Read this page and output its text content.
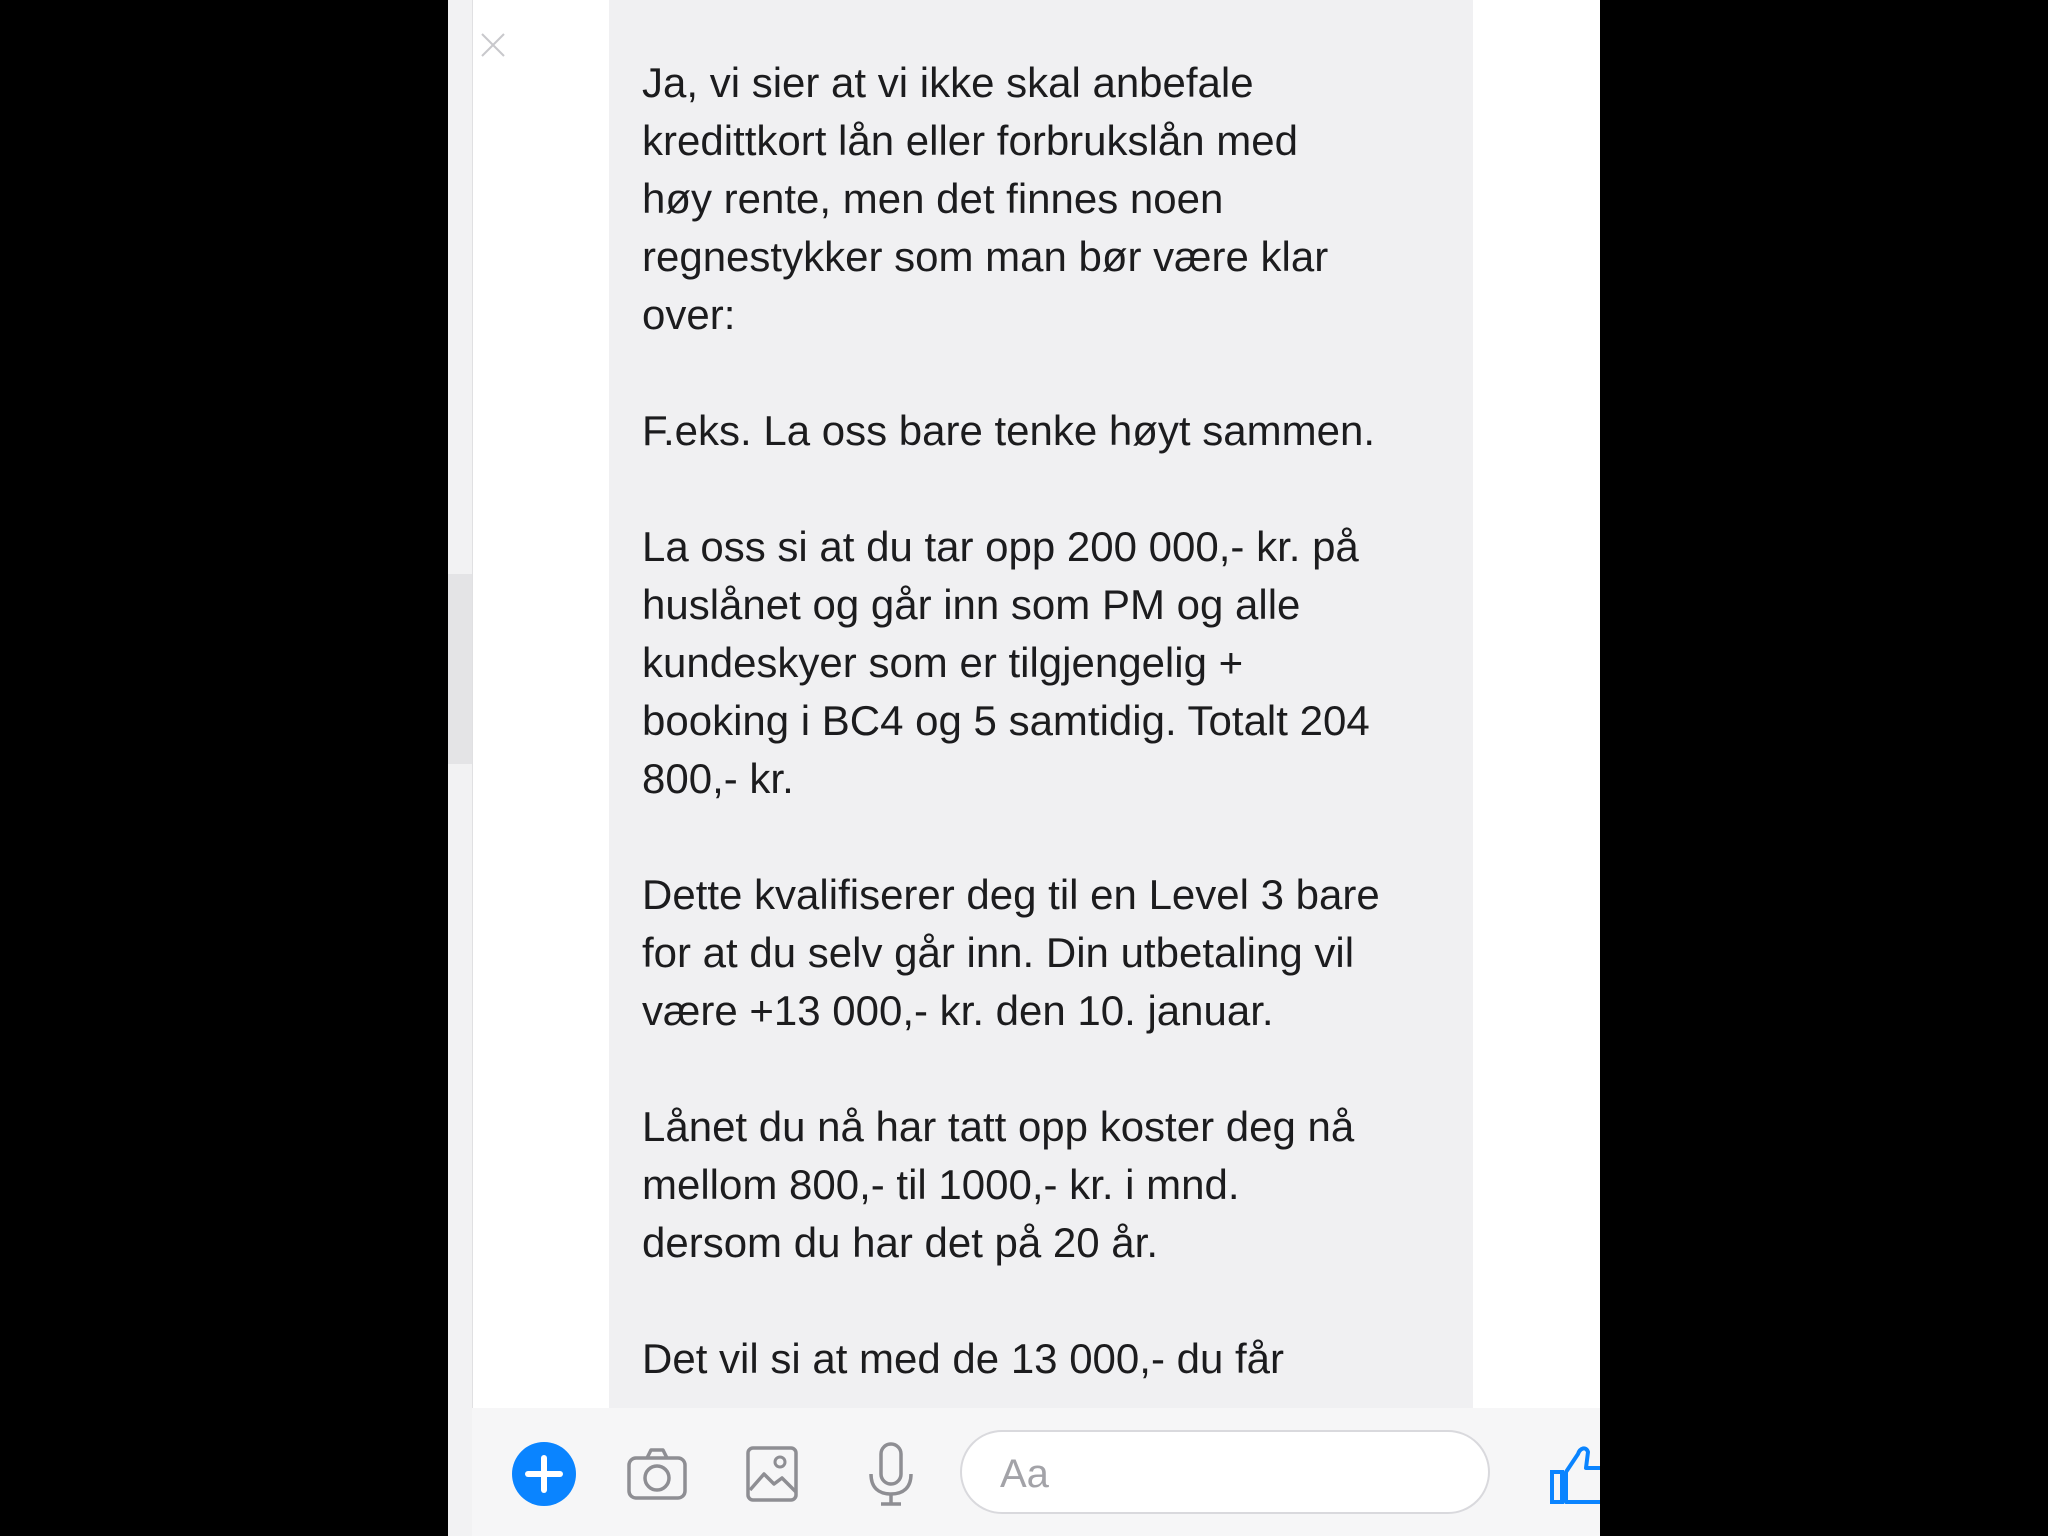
Ja, vi sier at vi ikke skal anbefale
kredittkort lån eller forbrukslån med
høy rente, men det finnes noen
regnestykker som man bør være klar
over:

F.eks. La oss bare tenke høyt sammen.

La oss si at du tar opp 200 000,- kr. på
huslånet og går inn som PM og alle
kundeskyer som er tilgjengelig +
booking i BC4 og 5 samtidig. Totalt 204
800,- kr.

Dette kvalifiserer deg til en Level 3 bare
for at du selv går inn. Din utbetaling vil
være +13 000,- kr. den 10. januar.

Lånet du nå har tatt opp koster deg nå
mellom 800,- til 1000,- kr. i mnd.
dersom du har det på 20 år.

Det vil si at med de 13 000,- du får

Aa
